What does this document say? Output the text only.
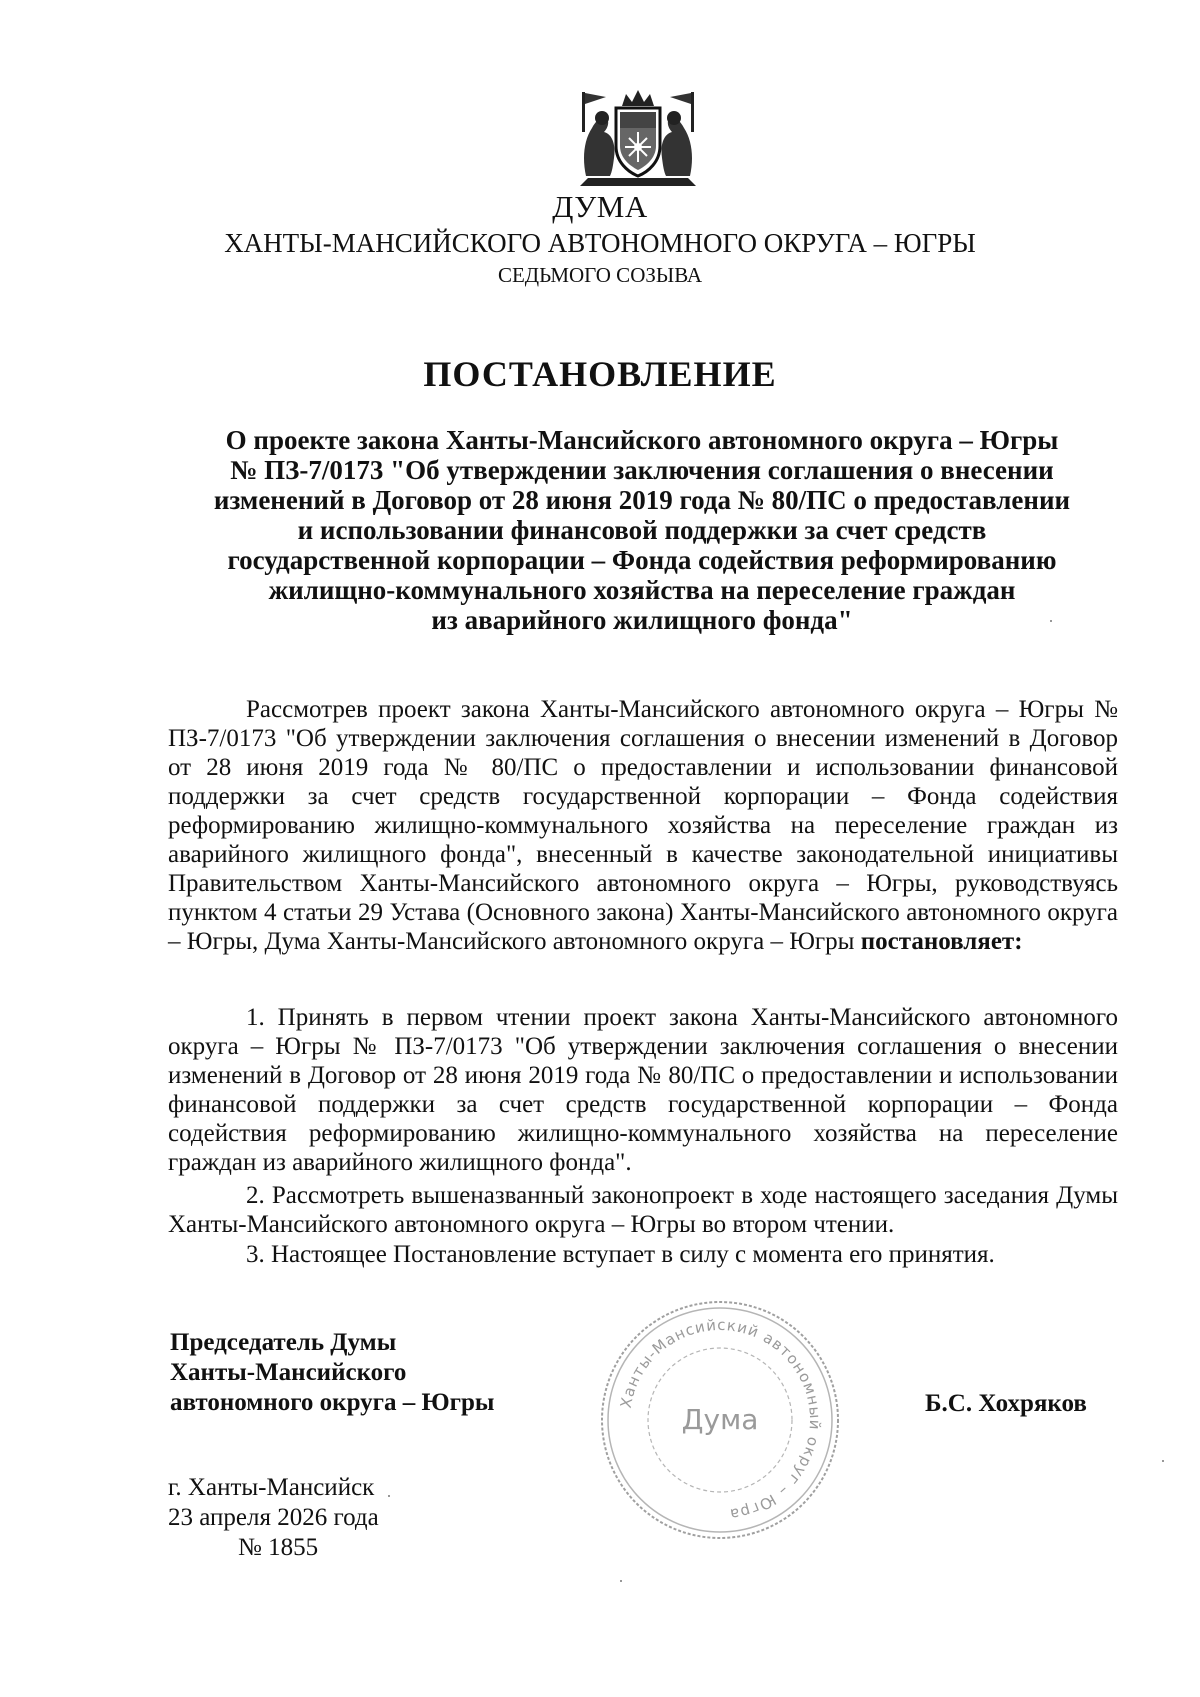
ДУМА
ХАНТЫ-МАНСИЙСКОГО АВТОНОМНОГО ОКРУГА – ЮГРЫ
СЕДЬМОГО СОЗЫВА
ПОСТАНОВЛЕНИЕ
О проекте закона Ханты-Мансийского автономного округа – Югры
№ ПЗ-7/0173 "Об утверждении заключения соглашения о внесении
изменений в Договор от 28 июня 2019 года № 80/ПС о предоставлении
и использовании финансовой поддержки за счет средств
государственной корпорации – Фонда содействия реформированию
жилищно-коммунального хозяйства на переселение граждан
из аварийного жилищного фонда"

Рассмотрев проект закона Ханты-Мансийского автономного округа – Югры № ПЗ-7/0173 "Об утверждении заключения соглашения о внесении изменений в Договор от 28 июня 2019 года № 80/ПС о предоставлении и использовании финансовой поддержки за счет средств государственной корпорации – Фонда содействия реформированию жилищно-коммунального хозяйства на переселение граждан из аварийного жилищного фонда", внесенный в качестве законодательной инициативы Правительством Ханты-Мансийского автономного округа – Югры, руководствуясь пунктом 4 статьи 29 Устава (Основного закона) Ханты-Мансийского автономного округа – Югры, Дума Ханты-Мансийского автономного округа – Югры постановляет:

1. Принять в первом чтении проект закона Ханты-Мансийского автономного округа – Югры № ПЗ-7/0173 "Об утверждении заключения соглашения о внесении изменений в Договор от 28 июня 2019 года № 80/ПС о предоставлении и использовании финансовой поддержки за счет средств государственной корпорации – Фонда содействия реформированию жилищно-коммунального хозяйства на переселение граждан из аварийного жилищного фонда".

2. Рассмотреть вышеназванный законопроект в ходе настоящего заседания Думы Ханты-Мансийского автономного округа – Югры во втором чтении.

3. Настоящее Постановление вступает в силу с момента его принятия.

Председатель Думы
Ханты-Мансийского
автономного округа – Югры	Б.С. Хохряков
Ханты-Мансийский автономный округ – Югра
Дума
г. Ханты-Мансийск
23 апреля 2026 года
№ 1855
